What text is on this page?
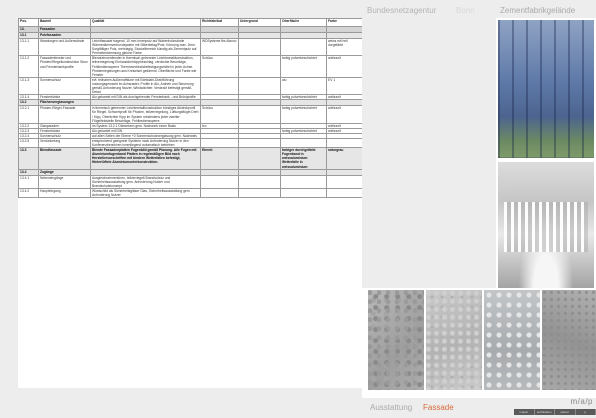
Bundesnetzagentur Bonn	Zementfabrikgelände
Pos.	Bauteil	Qualität	Richtfabrikat	Untergrund	Oberfläche	Farbe
13.	Fassaden					
13.1	Putzfassaden					
13.1.1	Wandungen und Außenwände	Leichtfassade tragend, 10 mm Innenputz auf Wabenholzwände Wärmedämmverbundsystem mit Silberbelag/Putz, Körnung max. 2mm Sorgfältiger Putz, mehrlagig, Stockelbereich künstig als Zementputz auf Perimeterdämmung gleiche Farbe	WDSysteme fbs Alavoo			weiss mit hell dorgefärbt
13.1.2	Fassadenfenster und Pfosten/Riegelkonstruktion Sturz und Fensterbankprofile	Blendrahmenfenster in thermisch getrennter Leichtmetallkonstruktion, teilverriegelung Einhanddrehkippbeschlag, verdeckte Beschläge, Fehlbedienssperre Thermoverbindsbefestigungsmittel in jeder Achse. Pfostenriegelungen aus Kreiseisel gedämmt, Oberfläche und Farbe wie Fenster	Schüco		farbig pulverbeschichtet	anthrazit
13.1.3	Sonnenschutz	evt. teilnahen Außenraffstore mit Edelstahl-Drahtführung nutzungsgemacht im Achsraster, Profile in Alu, Antrieb und Steuerung gemäß Anforderung Nutzer, Windwächter. Verdeckt befestigt gemäß Detail.			alu	EV 1
13.1.4	Fensterbänke	Alu gekantet mit DIN als durchgehender Fensterbank - und Brüstprofile			farbig pulverbeschichtet	anthrazit
13.2	Flächenverglasungen					
13.2.1	Pfosten-Riegel-Fassade	in thermisch getrennter Leichtmetallkonstruktion bündiges Abdeckprofil für Riegel, Schwertprofil für Pfosten, teilverriegelung, Lüftungsflügel Dreh / Kipp, Oberlichter Kipp im System mindestens jeder zweiter Flügelfeldstelle Beschläge, Fehlbedienssperre.	Schüco		farbig pulverbeschichtet	anthrazit
13.2.2	Glasparaden	im System 13.2.1 Dämmkern gem. Nachweis innen Basis	tco			anthrazit
13.2.3	Fensterbänke	Alu gekantet mit DIN			farbig pulverbeschichtet	anthrazit
13.2.4	Sonnenschutz	auf allen Seiten der Ebene +0 Sonnenschutzverglasung gem. Nachweis				
13.2.5	Verdunkelung	entsprechend geeignete Systeme nach Anforderung Nutzer in den Konferenzbereichen innenliegend automatisch betrieben				
13.3	Blendfassade	Blende Fassadenplatten Fugenbild gemäß Planung. Alle Fugen mit Aluminiumfugenband Platten in regelmäßigen Bild nach Herstellervorschriften mit bindern Wetterfallen befestigt, Hinterlüftete Aluminiumunterkonstruktion.	Eternit		farbiger durchgefärbt Fugenband in weissaluminium Wetterfalle in weissaluminium	naturgrau
13.4	Zugänge					
13.4.1	Nebeneingänge	Ausgleichrahmentüren, teilverriegelt Brandschutz und Sicherheitsausstattung gem. Anforderung Nutzer und Brandschutzkonzept				
13.4.2	Haupteingang	Windschild als Sicherheitsgläser Glas, Sicherheitsausstattung gem. Anforderung Nutzer				
Ausstattung Fassade
m/a/p
mapar	architekten	planer	p
